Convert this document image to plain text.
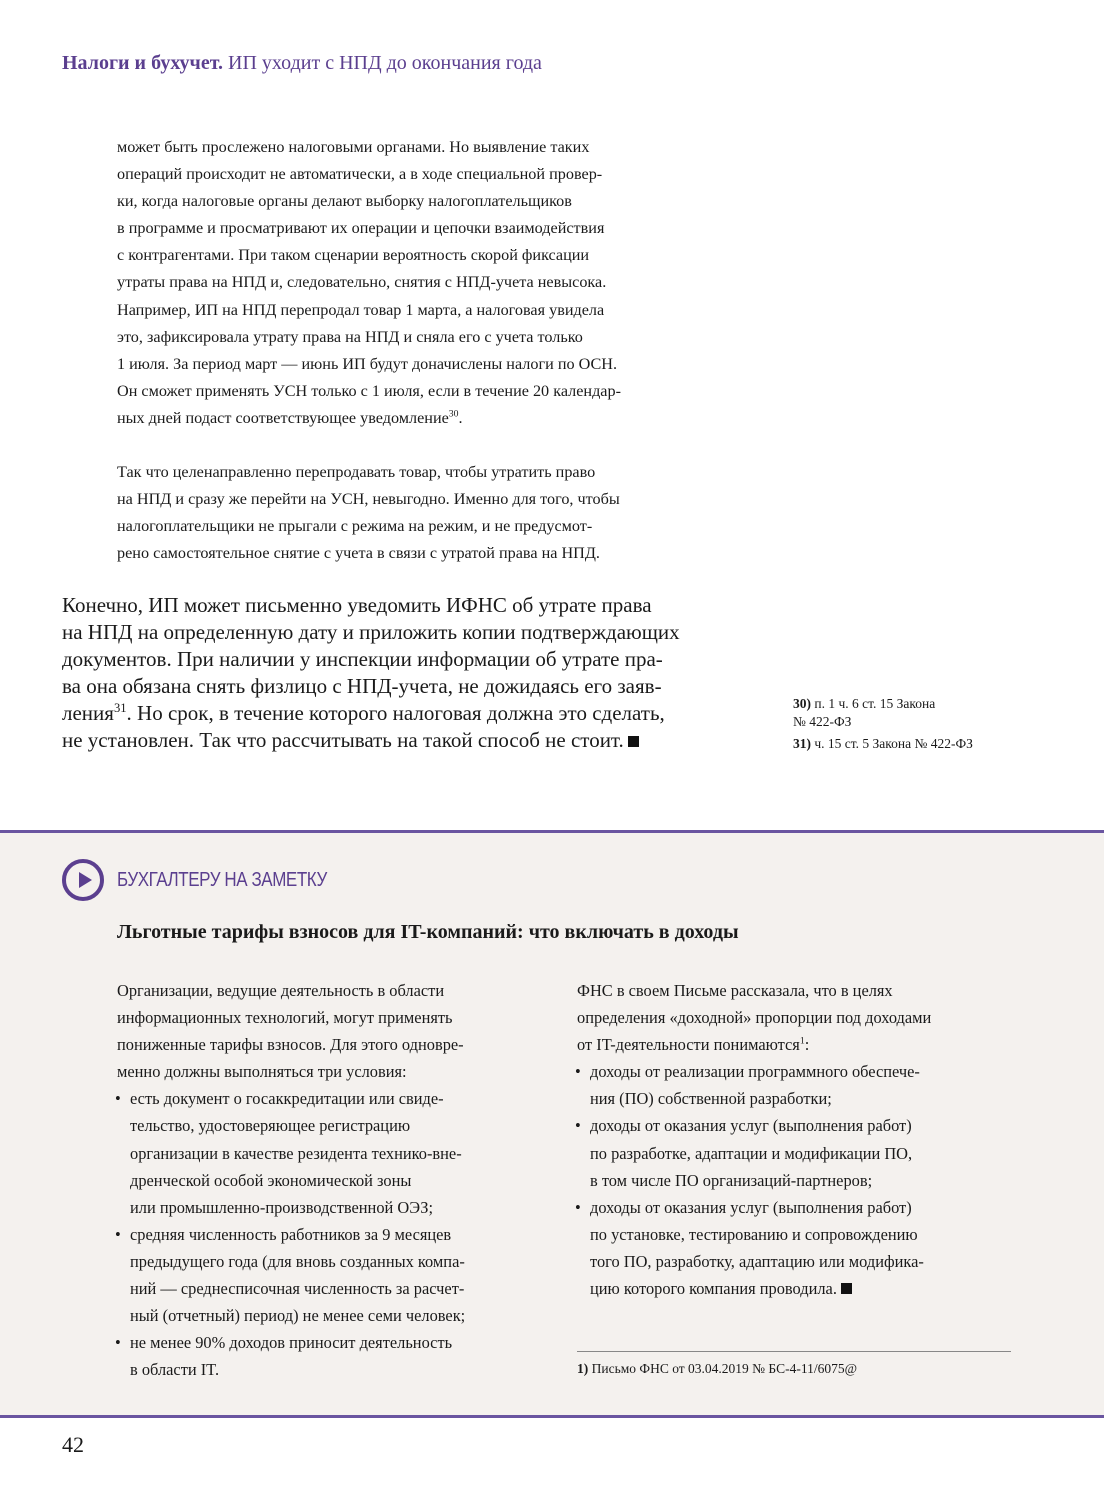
Налоги и бухучет. ИП уходит с НПД до окончания года

может быть прослежено налоговыми органами. Но выявление таких
операций происходит не автоматически, а в ходе специальной провер-
ки, когда налоговые органы делают выборку налогоплательщиков
в программе и просматривают их операции и цепочки взаимодействия
с контрагентами. При таком сценарии вероятность скорой фиксации
утраты права на НПД и, следовательно, снятия с НПД-учета невысока.
Например, ИП на НПД перепродал товар 1 марта, а налоговая увидела
это, зафиксировала утрату права на НПД и сняла его с учета только
1 июля. За период март — июнь ИП будут доначислены налоги по ОСН.
Он сможет применять УСН только с 1 июля, если в течение 20 календар-
ных дней подаст соответствующее уведомление$^{30}$.

Так что целенаправленно перепродавать товар, чтобы утратить право
на НПД и сразу же перейти на УСН, невыгодно. Именно для того, чтобы
налогоплательщики не прыгали с режима на режим, и не предусмот-
рено самостоятельное снятие с учета в связи с утратой права на НПД.

Конечно, ИП может письменно уведомить ИФНС об утрате права
на НПД на определенную дату и приложить копии подтверждающих
документов. При наличии у инспекции информации об утрате пра-
ва она обязана снять физлицо с НПД-учета, не дожидаясь его заяв-
ления$^{31}$. Но срок, в течение которого налоговая должна это сделать,
не установлен. Так что рассчитывать на такой способ не стоит.
30) п. 1 ч. 6 ст. 15 Закона
№ 422-ФЗ
31) ч. 15 ст. 5 Закона № 422-ФЗ
БУХГАЛТЕРУ НА ЗАМЕТКУ
Льготные тарифы взносов для IT-компаний: что включать в доходы
Организации, ведущие деятельность в области
информационных технологий, могут применять
пониженные тарифы взносов. Для этого одновре-
менно должны выполняться три условия:
• есть документ о госаккредитации или свиде-
тельство, удостоверяющее регистрацию
организации в качестве резидента технико-вне-
дренческой особой экономической зоны
или промышленно-производственной ОЭЗ;
• средняя численность работников за 9 месяцев
предыдущего года (для вновь созданных компа-
ний — среднесписочная численность за расчет-
ный (отчетный) период) не менее семи человек;
• не менее 90% доходов приносит деятельность
в области IT.
ФНС в своем Письме рассказала, что в целях
определения «доходной» пропорции под доходами
от IT-деятельности понимаются$^1$:
• доходы от реализации программного обеспече-
ния (ПО) собственной разработки;
• доходы от оказания услуг (выполнения работ)
по разработке, адаптации и модификации ПО,
в том числе ПО организаций-партнеров;
• доходы от оказания услуг (выполнения работ)
по установке, тестированию и сопровождению
того ПО, разработку, адаптацию или модифика-
цию которого компания проводила.
1) Письмо ФНС от 03.04.2019 № БС-4-11/6075@
42
